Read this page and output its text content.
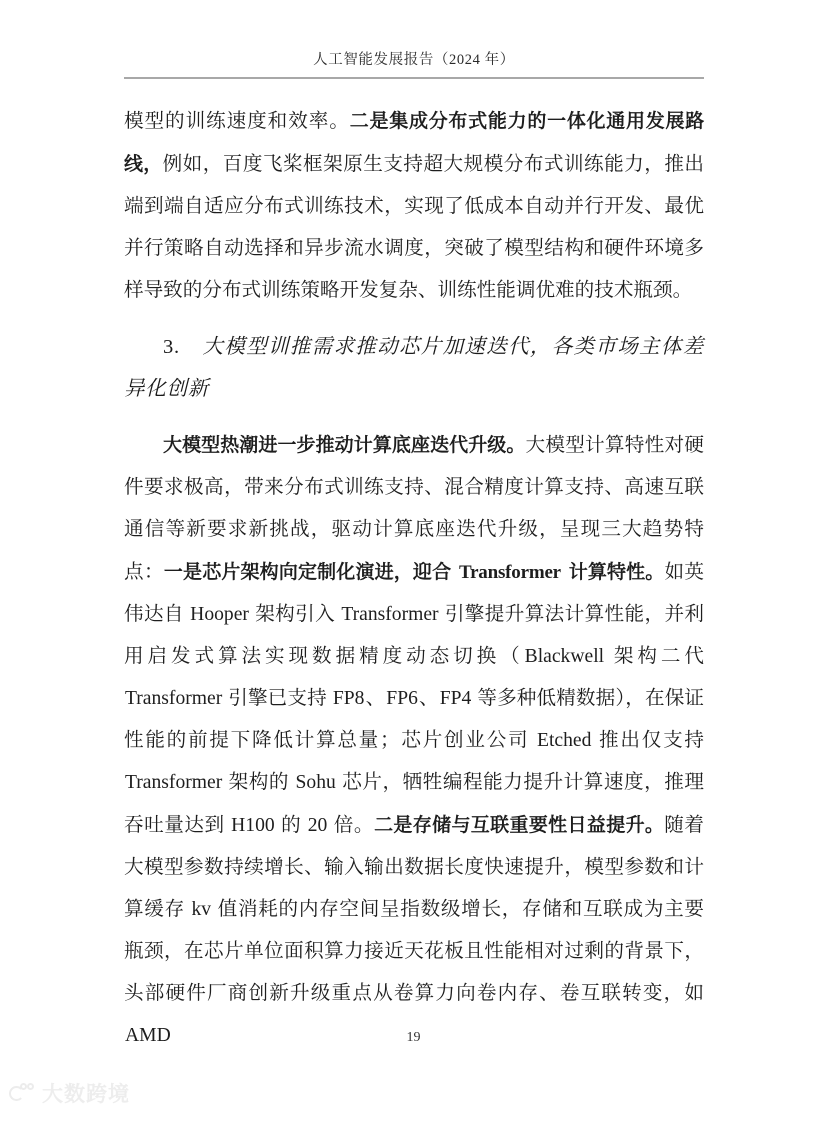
人工智能发展报告（2024 年）

模型的训练速度和效率。二是集成分布式能力的一体化通用发展路线，例如，百度飞桨框架原生支持超大规模分布式训练能力，推出端到端自适应分布式训练技术，实现了低成本自动并行开发、最优并行策略自动选择和异步流水调度，突破了模型结构和硬件环境多样导致的分布式训练策略开发复杂、训练性能调优难的技术瓶颈。

3. 大模型训推需求推动芯片加速迭代，各类市场主体差异化创新

大模型热潮进一步推动计算底座迭代升级。大模型计算特性对硬件要求极高，带来分布式训练支持、混合精度计算支持、高速互联通信等新要求新挑战，驱动计算底座迭代升级，呈现三大趋势特点：一是芯片架构向定制化演进，迎合 Transformer 计算特性。如英伟达自 Hooper 架构引入 Transformer 引擎提升算法计算性能，并利用启发式算法实现数据精度动态切换（Blackwell 架构二代 Transformer 引擎已支持 FP8、FP6、FP4 等多种低精数据），在保证性能的前提下降低计算总量；芯片创业公司 Etched 推出仅支持 Transformer 架构的 Sohu 芯片，牺牲编程能力提升计算速度，推理吞吐量达到 H100 的 20 倍。二是存储与互联重要性日益提升。随着大模型参数持续增长、输入输出数据长度快速提升，模型参数和计算缓存 kv 值消耗的内存空间呈指数级增长，存储和互联成为主要瓶颈，在芯片单位面积算力接近天花板且性能相对过剩的背景下，头部硬件厂商创新升级重点从卷算力向卷内存、卷互联转变，如 AMD	19
大数跨境
